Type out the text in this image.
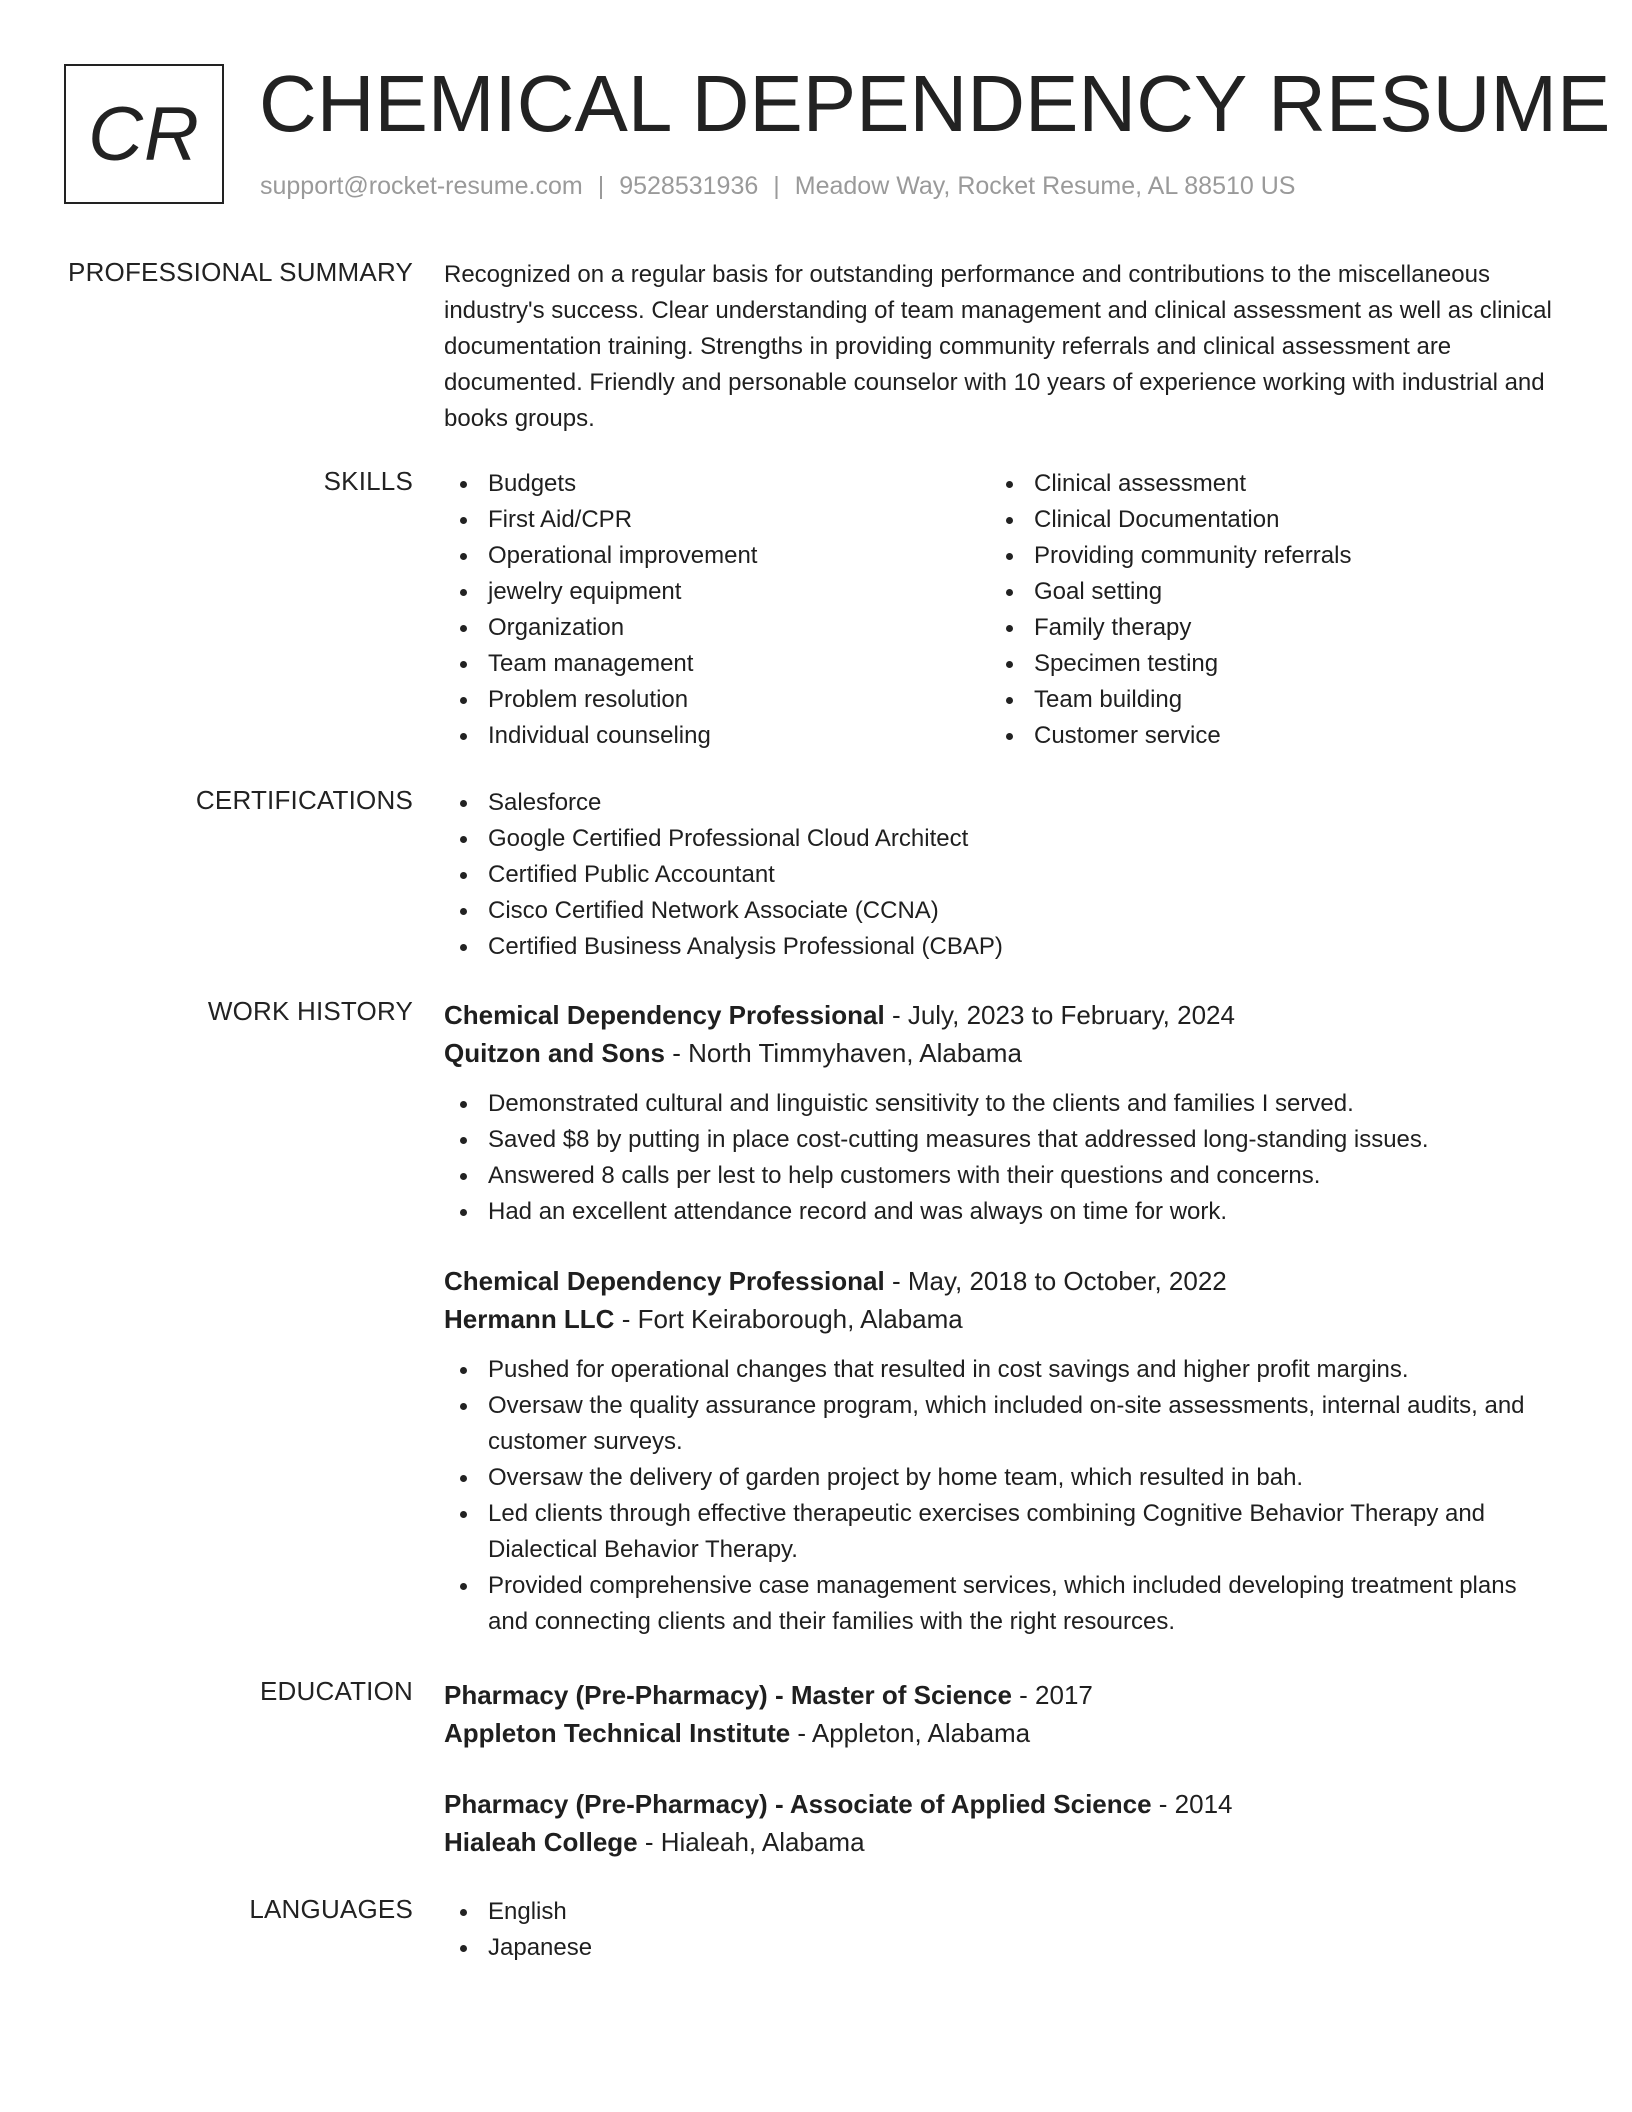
CR CHEMICAL DEPENDENCY RESUME
support@rocket-resume.com | 9528531936 | Meadow Way, Rocket Resume, AL 88510 US
PROFESSIONAL SUMMARY Recognized on a regular basis for outstanding performance and contributions to the miscellaneous industry's success. Clear understanding of team management and clinical assessment as well as clinical documentation training. Strengths in providing community referrals and clinical assessment are documented. Friendly and personable counselor with 10 years of experience working with industrial and books groups.

SKILLS	Budgets
First Aid/CPR
Operational improvement
jewelry equipment
Organization
Team management
Problem resolution
Individual counseling
Clinical assessment
Clinical Documentation
Providing community referrals
Goal setting
Family therapy
Specimen testing
Team building
Customer service
CERTIFICATIONS	Salesforce
Google Certified Professional Cloud Architect
Certified Public Accountant
Cisco Certified Network Associate (CCNA)
Certified Business Analysis Professional (CBAP)
WORK HISTORY Chemical Dependency Professional - July, 2023 to February, 2024
Quitzon and Sons - North Timmyhaven, Alabama
Demonstrated cultural and linguistic sensitivity to the clients and families I served.
Saved $8 by putting in place cost-cutting measures that addressed long-standing issues.
Answered 8 calls per lest to help customers with their questions and concerns.
Had an excellent attendance record and was always on time for work.
Chemical Dependency Professional - May, 2018 to October, 2022
Hermann LLC - Fort Keiraborough, Alabama
Pushed for operational changes that resulted in cost savings and higher profit margins.
Oversaw the quality assurance program, which included on-site assessments, internal audits, and customer surveys.
Oversaw the delivery of garden project by home team, which resulted in bah.
Led clients through effective therapeutic exercises combining Cognitive Behavior Therapy and Dialectical Behavior Therapy.
Provided comprehensive case management services, which included developing treatment plans and connecting clients and their families with the right resources.
EDUCATION Pharmacy (Pre-Pharmacy) - Master of Science - 2017
Appleton Technical Institute - Appleton, Alabama
Pharmacy (Pre-Pharmacy) - Associate of Applied Science - 2014
Hialeah College - Hialeah, Alabama
LANGUAGES	English
Japanese
